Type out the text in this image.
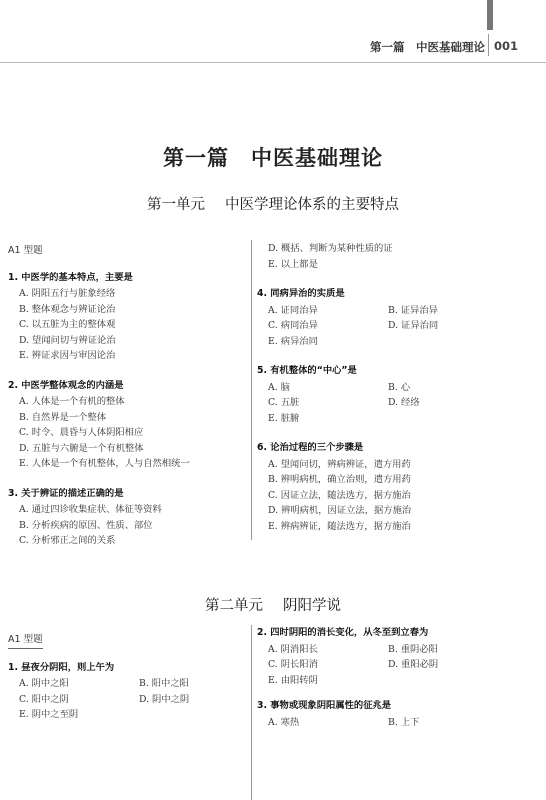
第一篇　中医基础理论 001
第一篇　中医基础理论
第一单元 中医学理论体系的主要特点
A1 型题
1. 中医学的基本特点，主要是
A. 阴阳五行与脏象经络
B. 整体观念与辨证论治
C. 以五脏为主的整体观
D. 望闻问切与辨证论治
E. 辨证求因与审因论治
2. 中医学整体观念的内涵是
A. 人体是一个有机的整体
B. 自然界是一个整体
C. 时令、晨昏与人体阴阳相应
D. 五脏与六腑是一个有机整体
E. 人体是一个有机整体，人与自然相统一
3. 关于辨证的描述正确的是
A. 通过四诊收集症状、体征等资料
B. 分析疾病的原因、性质、部位
C. 分析邪正之间的关系
D. 概括、判断为某种性质的证
E. 以上都是
4. 同病异治的实质是
A. 证同治异	B. 证异治异
C. 病同治异	D. 证异治同
E. 病异治同
5. 有机整体的“中心”是
A. 脑	B. 心
C. 五脏	D. 经络
E. 脏腑
6. 论治过程的三个步骤是
A. 望闻问切，辨病辨证，遣方用药
B. 辨明病机，确立治则，遣方用药
C. 因证立法，随法选方，据方施治
D. 辨明病机，因证立法，据方施治
E. 辨病辨证，随法选方，据方施治
第二单元 阴阳学说
A1 型题
1. 昼夜分阴阳，则上午为
A. 阴中之阳	B. 阳中之阳
C. 阳中之阴	D. 阴中之阴
E. 阴中之至阴
2. 四时阴阳的消长变化，从冬至到立春为
A. 阴消阳长	B. 重阴必阳
C. 阴长阳消	D. 重阳必阴
E. 由阳转阴
3. 事物或现象阴阳属性的征兆是
A. 寒热	B. 上下
